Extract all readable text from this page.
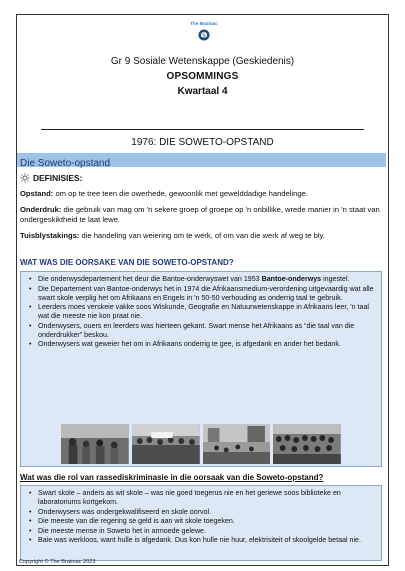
The Brainiac
Gr 9 Sosiale Wetenskappe (Geskiedenis)
OPSOMMINGS
Kwartaal 4
1976: DIE SOWETO-OPSTAND
Die Soweto-opstand
DEFINISIES:
Opstand: om op te tree teen die owerhede, gewoonlik met gewelddadige handelinge.
Onderdruk: die gebruik van mag om 'n sekere groep of groepe op 'n onbillike, wrede manier in 'n staat van ondergeskiktheid te laat lewe.
Tuisblystakings: die handeling van weiering om te werk, of om van die werk af weg te bly.
WAT WAS DIE OORSAKE VAN DIE SOWETO-OPSTAND?
• Die onderwysdepartement het deur die Bantoe-onderwyswet van 1953 Bantoe-onderwys ingestel.
• Die Departement van Bantoe-onderwys het in 1974 die Afrikaansmedium-verordening uitgevaardig wat alle swart skole verplig het om Afrikaans en Engels in 'n 50-50 verhouding as onderrig taal te gebruik.
• Leerders moes verskeie vakke soos Wiskunde, Geografie en Natuurwetenskappe in Afrikaans leer, 'n taal wat die meeste nie kon praat nie.
• Onderwysers, ouers en leerders was hierteen gekant. Swart mense het Afrikaans as “die taal van die onderdrukker” beskou.
• Onderwysers wat geweier het om in Afrikaans onderrig te gee, is afgedank en ander het bedank.
Wat was die rol van rassediskriminasie in die oorsaak van die Soweto-opstand?
• Swart skole – anders as wit skole – was nie goed toegerus nie en het geriewe soos biblioteke en laboratoriums kortgekom.
• Onderwysers was ondergekwalifiseerd en skole oorvol.
• Die meeste van die regering se geld is aan wit skole toegeken.
• Die meeste mense in Soweto het in armoede gelewe.
• Baie was werkloos, want hulle is afgedank. Dus kon hulle nie huur, elektrisiteit of skoolgelde betaal nie.
Copyright © The Brainiac 2023
